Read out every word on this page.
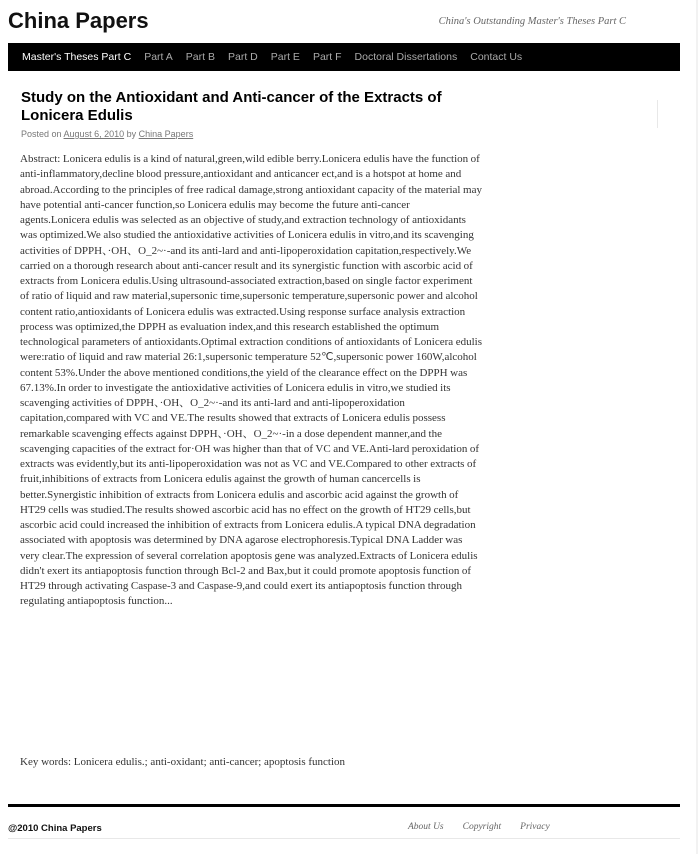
China Papers	China's Outstanding Master's Theses Part C
Master's Theses Part C Part A Part B Part D Part E Part F Doctoral Dissertations Contact Us
Study on the Antioxidant and Anti-cancer of the Extracts of Lonicera Edulis
Posted on August 6, 2010 by China Papers

Abstract: Lonicera edulis is a kind of natural,green,wild edible berry.Lonicera edulis have the function of anti-inflammatory,decline blood pressure,antioxidant and anticancer ect,and is a hotspot at home and abroad.According to the principles of free radical damage,strong antioxidant capacity of the material may have potential anti-cancer function,so Lonicera edulis may become the future anti-cancer agents.Lonicera edulis was selected as an objective of study,and extraction technology of antioxidants was optimized.We also studied the antioxidative activities of Lonicera edulis in vitro,and its scavenging activities of DPPH、·OH、O_2~·-and its anti-lard and anti-lipoperoxidation capitation,respectively.We carried on a thorough research about anti-cancer result and its synergistic function with ascorbic acid of extracts from Lonicera edulis.Using ultrasound-associated extraction,based on single factor experiment of ratio of liquid and raw material,supersonic time,supersonic temperature,supersonic power and alcohol content ratio,antioxidants of Lonicera edulis was extracted.Using response surface analysis extraction process was optimized,the DPPH as evaluation index,and this research established the optimum technological parameters of antioxidants.Optimal extraction conditions of antioxidants of Lonicera edulis were:ratio of liquid and raw material 26:1,supersonic temperature 52℃,supersonic power 160W,alcohol content 53%.Under the above mentioned conditions,the yield of the clearance effect on the DPPH was 67.13%.In order to investigate the antioxidative activities of Lonicera edulis in vitro,we studied its scavenging activities of DPPH、·OH、O_2~·-and its anti-lard and anti-lipoperoxidation capitation,compared with VC and VE.The results showed that extracts of Lonicera edulis possess remarkable scavenging effects against DPPH、·OH、O_2~·-in a dose dependent manner,and the scavenging capacities of the extract for·OH was higher than that of VC and VE.Anti-lard peroxidation of extracts was evidently,but its anti-lipoperoxidation was not as VC and VE.Compared to other extracts of fruit,inhibitions of extracts from Lonicera edulis against the growth of human cancercells is better.Synergistic inhibition of extracts from Lonicera edulis and ascorbic acid against the growth of HT29 cells was studied.The results showed ascorbic acid has no effect on the growth of HT29 cells,but ascorbic acid could increased the inhibition of extracts from Lonicera edulis.A typical DNA degradation associated with apoptosis was determined by DNA agarose electrophoresis.Typical DNA Ladder was very clear.The expression of several correlation apoptosis gene was analyzed.Extracts of Lonicera edulis didn't exert its antiapoptosis function through Bcl-2 and Bax,but it could promote apoptosis function of HT29 through activating Caspase-3 and Caspase-9,and could exert its antiapoptosis function through regulating antiapoptosis function...

Key words: Lonicera edulis.; anti-oxidant; anti-cancer; apoptosis function

@2010 China Papers	About Us Copyright Privacy
